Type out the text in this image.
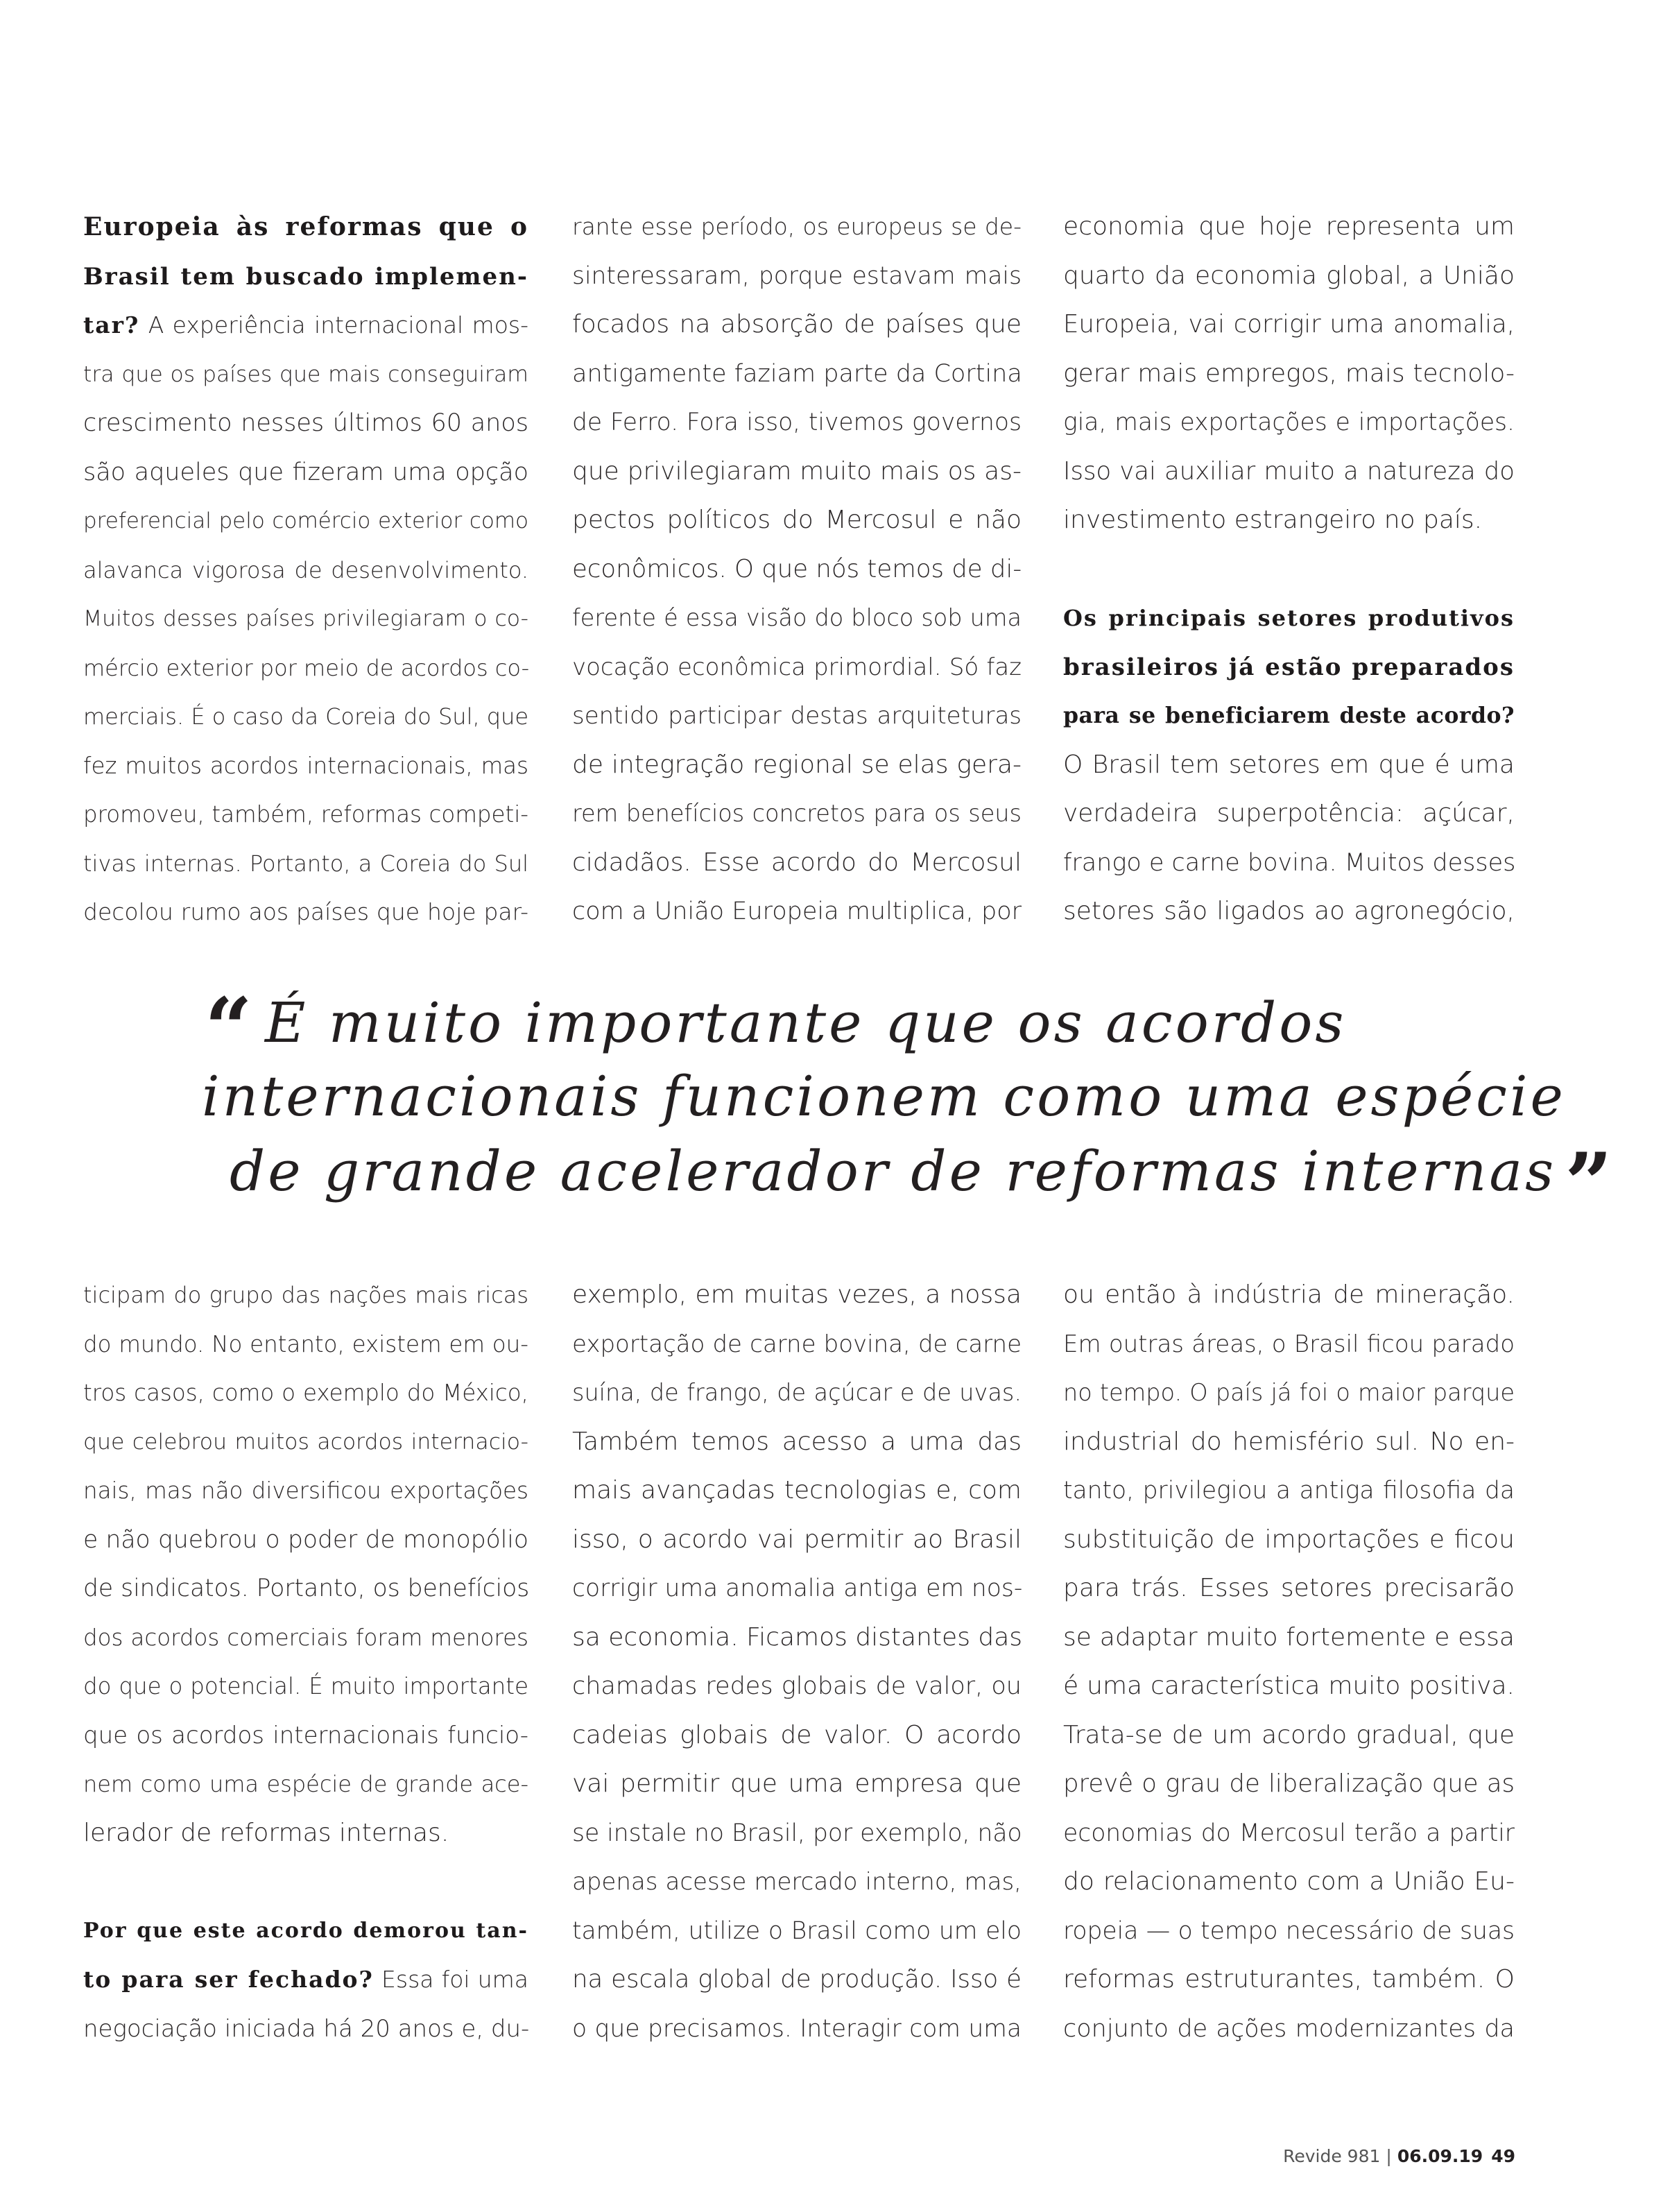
Europeia às reformas que o
Brasil tem buscado implemen-
tar? A experiência internacional mos-
tra que os países que mais conseguiram
crescimento nesses últimos 60 anos
são aqueles que fizeram uma opção
preferencial pelo comércio exterior como
alavanca vigorosa de desenvolvimento.
Muitos desses países privilegiaram o co-
mércio exterior por meio de acordos co-
merciais. É o caso da Coreia do Sul, que
fez muitos acordos internacionais, mas
promoveu, também, reformas competi-
tivas internas. Portanto, a Coreia do Sul
decolou rumo aos países que hoje par-
rante esse período, os europeus se de-
sinteressaram, porque estavam mais
focados na absorção de países que
antigamente faziam parte da Cortina
de Ferro. Fora isso, tivemos governos
que privilegiaram muito mais os as-
pectos políticos do Mercosul e não
econômicos. O que nós temos de di-
ferente é essa visão do bloco sob uma
vocação econômica primordial. Só faz
sentido participar destas arquiteturas
de integração regional se elas gera-
rem benefícios concretos para os seus
cidadãos. Esse acordo do Mercosul
com a União Europeia multiplica, por
economia que hoje representa um
quarto da economia global, a União
Europeia, vai corrigir uma anomalia,
gerar mais empregos, mais tecnolo-
gia, mais exportações e importações.
Isso vai auxiliar muito a natureza do
investimento estrangeiro no país.
Os principais setores produtivos
brasileiros já estão preparados
para se beneficiarem deste acordo?
O Brasil tem setores em que é uma
verdadeira superpotência: açúcar,
frango e carne bovina. Muitos desses
setores são ligados ao agronegócio,
“ É muito importante que os acordos
internacionais funcionem como uma espécie
de grande acelerador de reformas internas ”
ticipam do grupo das nações mais ricas
do mundo. No entanto, existem em ou-
tros casos, como o exemplo do México,
que celebrou muitos acordos internacio-
nais, mas não diversificou exportações
e não quebrou o poder de monopólio
de sindicatos. Portanto, os benefícios
dos acordos comerciais foram menores
do que o potencial. É muito importante
que os acordos internacionais funcio-
nem como uma espécie de grande ace-
lerador de reformas internas.
Por que este acordo demorou tan-
to para ser fechado? Essa foi uma
negociação iniciada há 20 anos e, du-
exemplo, em muitas vezes, a nossa
exportação de carne bovina, de carne
suína, de frango, de açúcar e de uvas.
Também temos acesso a uma das
mais avançadas tecnologias e, com
isso, o acordo vai permitir ao Brasil
corrigir uma anomalia antiga em nos-
sa economia. Ficamos distantes das
chamadas redes globais de valor, ou
cadeias globais de valor. O acordo
vai permitir que uma empresa que
se instale no Brasil, por exemplo, não
apenas acesse mercado interno, mas,
também, utilize o Brasil como um elo
na escala global de produção. Isso é
o que precisamos. Interagir com uma
ou então à indústria de mineração.
Em outras áreas, o Brasil ficou parado
no tempo. O país já foi o maior parque
industrial do hemisfério sul. No en-
tanto, privilegiou a antiga filosofia da
substituição de importações e ficou
para trás. Esses setores precisarão
se adaptar muito fortemente e essa
é uma característica muito positiva.
Trata-se de um acordo gradual, que
prevê o grau de liberalização que as
economias do Mercosul terão a partir
do relacionamento com a União Eu-
ropeia — o tempo necessário de suas
reformas estruturantes, também. O
conjunto de ações modernizantes da
Revide 981 | 06.09.19 49
